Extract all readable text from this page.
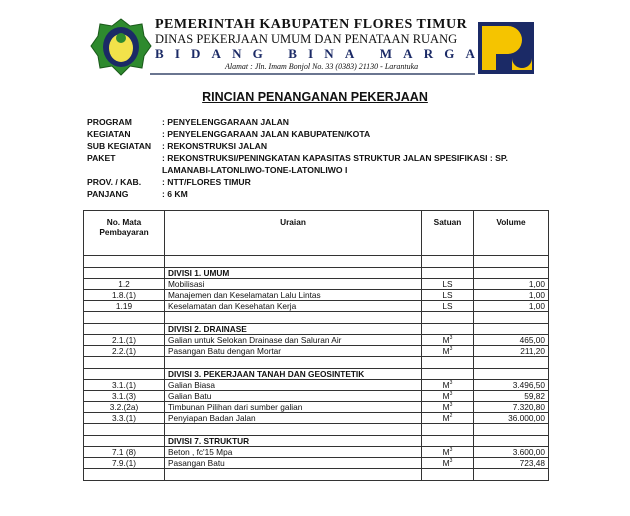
PEMERINTAH KABUPATEN FLORES TIMUR
DINAS PEKERJAAN UMUM DAN PENATAAN RUANG
B I D A N G
B I N A
M A R G A
Alamat : Jln. Imam Bonjol No. 33 (0383) 21130 - Larantuka
RINCIAN PENANGANAN PEKERJAAN
PROGRAM	: PENYELENGGARAAN JALAN
KEGIATAN	: PENYELENGGARAAN JALAN KABUPATEN/KOTA
SUB KEGIATAN	: REKONSTRUKSI JALAN
PAKET	: REKONSTRUKSI/PENINGKATAN KAPASITAS STRUKTUR JALAN SPESIFIKASI : SP.
LAMANABI-LATONLIWO-TONE-LATONLIWO I
PROV. / KAB.	: NTT/FLORES TIMUR
PANJANG	: 6 KM
No. Mata Pembayaran	Uraian	Satuan	Volume

	DIVISI 1. UMUM		
1.2	Mobilisasi	LS	1,00
1.8.(1)	Manajemen dan Keselamatan Lalu Lintas	LS	1,00
1.19	Keselamatan dan Kesehatan Kerja	LS	1,00

	DIVISI 2. DRAINASE		
2.1.(1)	Galian untuk Selokan Drainase dan Saluran Air	$M^3$	465,00
2.2.(1)	Pasangan Batu dengan Mortar	$M^3$	211,20

	DIVISI 3. PEKERJAAN TANAH DAN GEOSINTETIK		
3.1.(1)	Galian Biasa	$M^3$	3.496,50
3.1.(3)	Galian Batu	$M^3$	59,82
3.2.(2a)	Timbunan Pilihan dari sumber galian	$M^3$	7.320,80
3.3.(1)	Penyiapan Badan Jalan	$M^2$	36.000,00

	DIVISI 7. STRUKTUR		
7.1 (8)	Beton , fc'15 Mpa	$M^3$	3.600,00
7.9.(1)	Pasangan Batu	$M^3$	723,48
